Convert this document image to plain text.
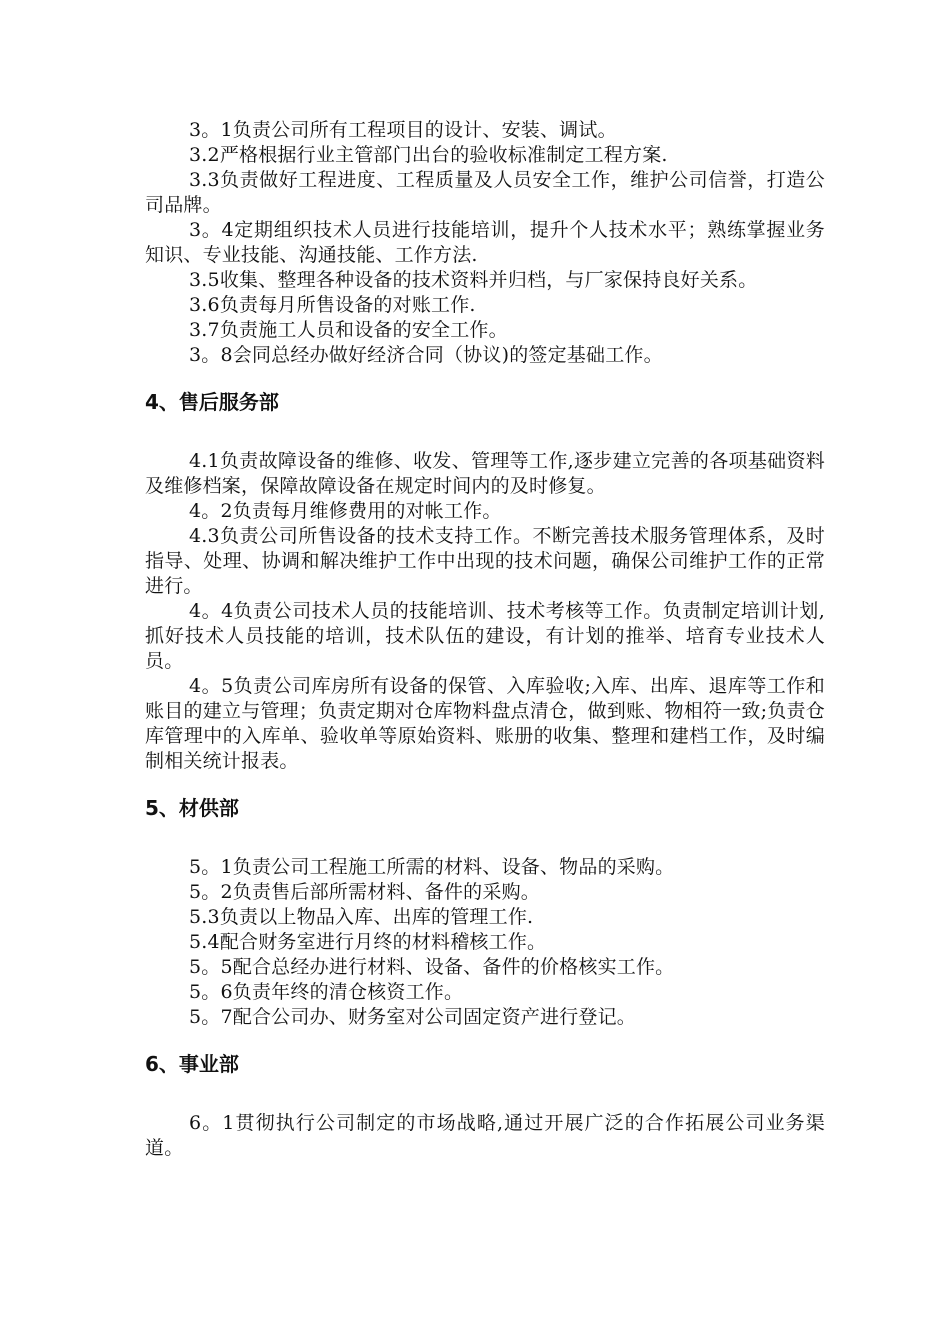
3。1负责公司所有工程项目的设计、安装、调试。

3.2严格根据行业主管部门出台的验收标准制定工程方案.

3.3负责做好工程进度、工程质量及人员安全工作，维护公司信誉，打造公司品牌。

3。4定期组织技术人员进行技能培训，提升个人技术水平；熟练掌握业务知识、专业技能、沟通技能、工作方法.

3.5收集、整理各种设备的技术资料并归档，与厂家保持良好关系。

3.6负责每月所售设备的对账工作.

3.7负责施工人员和设备的安全工作。

3。8会同总经办做好经济合同（协议)的签定基础工作。

4、售后服务部

4.1负责故障设备的维修、收发、管理等工作,逐步建立完善的各项基础资料及维修档案，保障故障设备在规定时间内的及时修复。

4。2负责每月维修费用的对帐工作。

4.3负责公司所售设备的技术支持工作。不断完善技术服务管理体系，及时指导、处理、协调和解决维护工作中出现的技术问题，确保公司维护工作的正常进行。

4。4负责公司技术人员的技能培训、技术考核等工作。负责制定培训计划,抓好技术人员技能的培训，技术队伍的建设，有计划的推举、培育专业技术人员。

4。5负责公司库房所有设备的保管、入库验收;入库、出库、退库等工作和账目的建立与管理；负责定期对仓库物料盘点清仓，做到账、物相符一致;负责仓库管理中的入库单、验收单等原始资料、账册的收集、整理和建档工作，及时编制相关统计报表。

5、材供部

5。1负责公司工程施工所需的材料、设备、物品的采购。

5。2负责售后部所需材料、备件的采购。

5.3负责以上物品入库、出库的管理工作.

5.4配合财务室进行月终的材料稽核工作。

5。5配合总经办进行材料、设备、备件的价格核实工作。

5。6负责年终的清仓核资工作。

5。7配合公司办、财务室对公司固定资产进行登记。

6、事业部

6。1贯彻执行公司制定的市场战略,通过开展广泛的合作拓展公司业务渠道。
